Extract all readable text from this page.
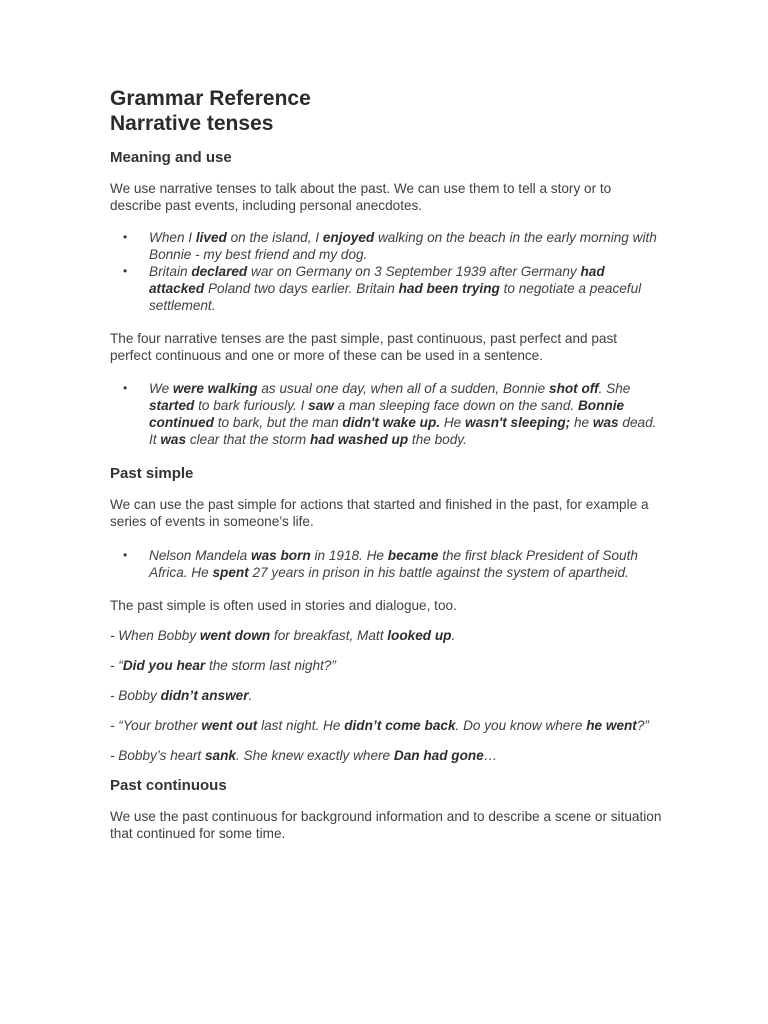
Grammar Reference
Narrative tenses
Meaning and use

We use narrative tenses to talk about the past. We can use them to tell a story or to describe past events, including personal anecdotes.

• When I lived on the island, I enjoyed walking on the beach in the early morning with Bonnie - my best friend and my dog.
• Britain declared war on Germany on 3 September 1939 after Germany had attacked Poland two days earlier. Britain had been trying to negotiate a peaceful settlement.

The four narrative tenses are the past simple, past continuous, past perfect and past perfect continuous and one or more of these can be used in a sentence.

• We were walking as usual one day, when all of a sudden, Bonnie shot off. She started to bark furiously. I saw a man sleeping face down on the sand. Bonnie continued to bark, but the man didn't wake up. He wasn't sleeping; he was dead. It was clear that the storm had washed up the body.
Past simple

We can use the past simple for actions that started and finished in the past, for example a series of events in someone’s life.

• Nelson Mandela was born in 1918. He became the first black President of South Africa. He spent 27 years in prison in his battle against the system of apartheid.

The past simple is often used in stories and dialogue, too.

- When Bobby went down for breakfast, Matt looked up.

- “Did you hear the storm last night?”

- Bobby didn’t answer.

- “Your brother went out last night. He didn’t come back. Do you know where he went?”

- Bobby’s heart sank. She knew exactly where Dan had gone…

Past continuous

We use the past continuous for background information and to describe a scene or situation that continued for some time.
